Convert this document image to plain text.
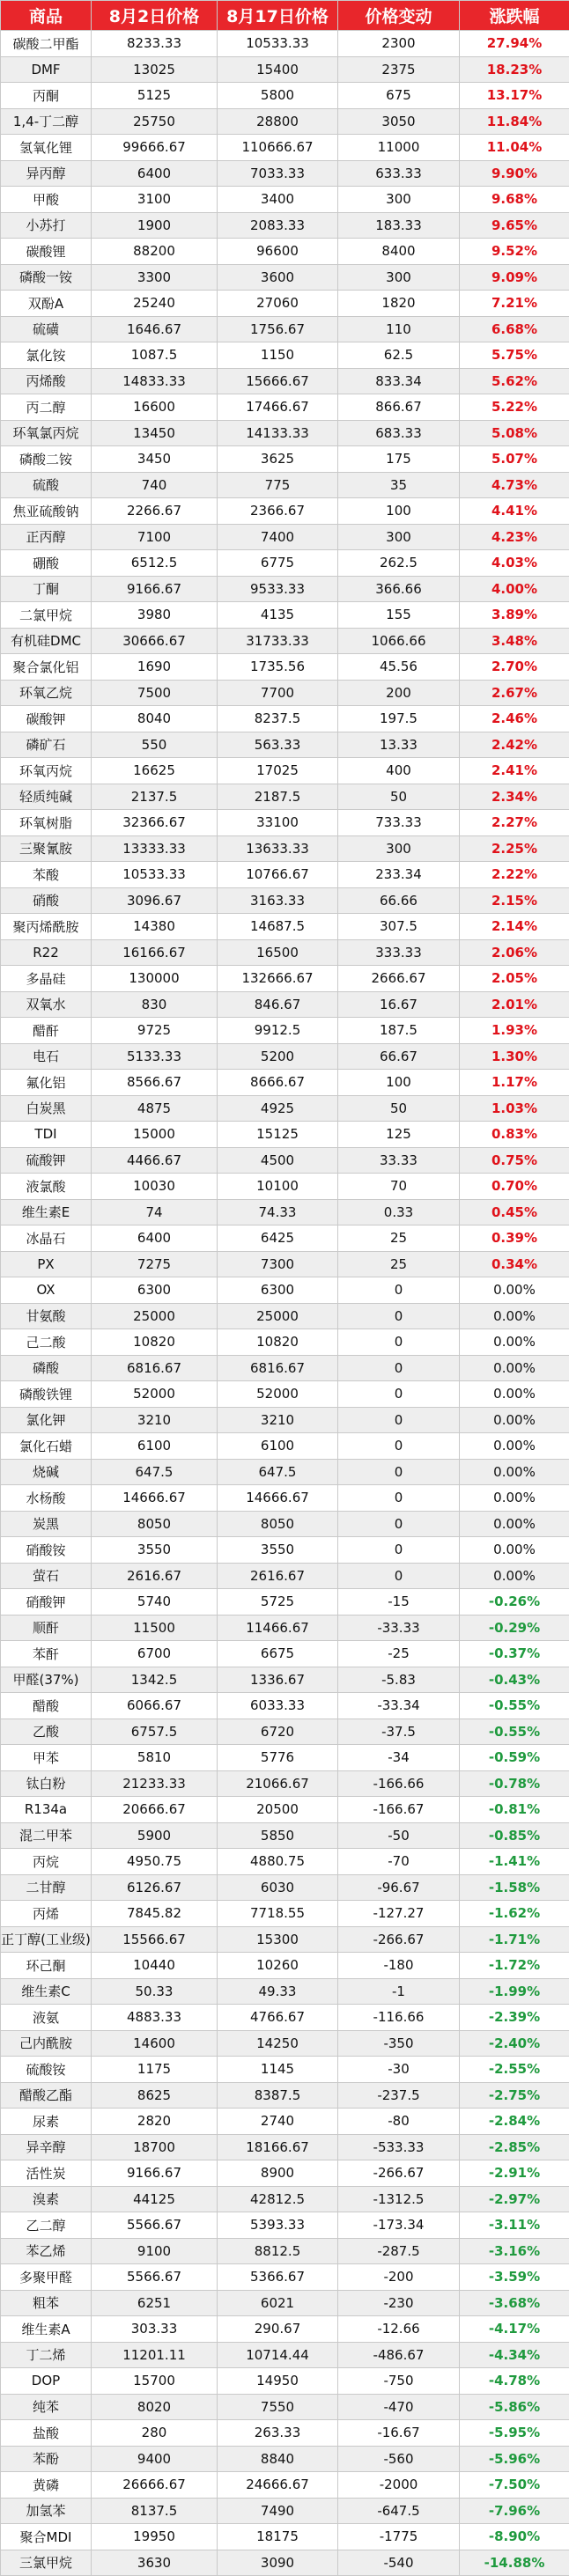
商品	8月2日价格	8月17日价格	价格变动	涨跌幅
碳酸二甲酯	8233.33	10533.33	2300	27.94%
DMF	13025	15400	2375	18.23%
丙酮	5125	5800	675	13.17%
1,4-丁二醇	25750	28800	3050	11.84%
氢氧化锂	99666.67	110666.67	11000	11.04%
异丙醇	6400	7033.33	633.33	9.90%
甲酸	3100	3400	300	9.68%
小苏打	1900	2083.33	183.33	9.65%
碳酸锂	88200	96600	8400	9.52%
磷酸一铵	3300	3600	300	9.09%
双酚A	25240	27060	1820	7.21%
硫磺	1646.67	1756.67	110	6.68%
氯化铵	1087.5	1150	62.5	5.75%
丙烯酸	14833.33	15666.67	833.34	5.62%
丙二醇	16600	17466.67	866.67	5.22%
环氧氯丙烷	13450	14133.33	683.33	5.08%
磷酸二铵	3450	3625	175	5.07%
硫酸	740	775	35	4.73%
焦亚硫酸钠	2266.67	2366.67	100	4.41%
正丙醇	7100	7400	300	4.23%
硼酸	6512.5	6775	262.5	4.03%
丁酮	9166.67	9533.33	366.66	4.00%
二氯甲烷	3980	4135	155	3.89%
有机硅DMC	30666.67	31733.33	1066.66	3.48%
聚合氯化铝	1690	1735.56	45.56	2.70%
环氧乙烷	7500	7700	200	2.67%
碳酸钾	8040	8237.5	197.5	2.46%
磷矿石	550	563.33	13.33	2.42%
环氧丙烷	16625	17025	400	2.41%
轻质纯碱	2137.5	2187.5	50	2.34%
环氧树脂	32366.67	33100	733.33	2.27%
三聚氰胺	13333.33	13633.33	300	2.25%
苯酸	10533.33	10766.67	233.34	2.22%
硝酸	3096.67	3163.33	66.66	2.15%
聚丙烯酰胺	14380	14687.5	307.5	2.14%
R22	16166.67	16500	333.33	2.06%
多晶硅	130000	132666.67	2666.67	2.05%
双氧水	830	846.67	16.67	2.01%
醋酐	9725	9912.5	187.5	1.93%
电石	5133.33	5200	66.67	1.30%
氟化铝	8566.67	8666.67	100	1.17%
白炭黑	4875	4925	50	1.03%
TDI	15000	15125	125	0.83%
硫酸钾	4466.67	4500	33.33	0.75%
液氯酸	10030	10100	70	0.70%
维生素E	74	74.33	0.33	0.45%
冰晶石	6400	6425	25	0.39%
PX	7275	7300	25	0.34%
OX	6300	6300	0	0.00%
甘氨酸	25000	25000	0	0.00%
己二酸	10820	10820	0	0.00%
磷酸	6816.67	6816.67	0	0.00%
磷酸铁锂	52000	52000	0	0.00%
氯化钾	3210	3210	0	0.00%
氯化石蜡	6100	6100	0	0.00%
烧碱	647.5	647.5	0	0.00%
水杨酸	14666.67	14666.67	0	0.00%
炭黑	8050	8050	0	0.00%
硝酸铵	3550	3550	0	0.00%
萤石	2616.67	2616.67	0	0.00%
硝酸钾	5740	5725	-15	-0.26%
顺酐	11500	11466.67	-33.33	-0.29%
苯酐	6700	6675	-25	-0.37%
甲醛(37%)	1342.5	1336.67	-5.83	-0.43%
醋酸	6066.67	6033.33	-33.34	-0.55%
乙酸	6757.5	6720	-37.5	-0.55%
甲苯	5810	5776	-34	-0.59%
钛白粉	21233.33	21066.67	-166.66	-0.78%
R134a	20666.67	20500	-166.67	-0.81%
混二甲苯	5900	5850	-50	-0.85%
丙烷	4950.75	4880.75	-70	-1.41%
二甘醇	6126.67	6030	-96.67	-1.58%
丙烯	7845.82	7718.55	-127.27	-1.62%
正丁醇(工业级)	15566.67	15300	-266.67	-1.71%
环己酮	10440	10260	-180	-1.72%
维生素C	50.33	49.33	-1	-1.99%
液氨	4883.33	4766.67	-116.66	-2.39%
己内酰胺	14600	14250	-350	-2.40%
硫酸铵	1175	1145	-30	-2.55%
醋酸乙酯	8625	8387.5	-237.5	-2.75%
尿素	2820	2740	-80	-2.84%
异辛醇	18700	18166.67	-533.33	-2.85%
活性炭	9166.67	8900	-266.67	-2.91%
溴素	44125	42812.5	-1312.5	-2.97%
乙二醇	5566.67	5393.33	-173.34	-3.11%
苯乙烯	9100	8812.5	-287.5	-3.16%
多聚甲醛	5566.67	5366.67	-200	-3.59%
粗苯	6251	6021	-230	-3.68%
维生素A	303.33	290.67	-12.66	-4.17%
丁二烯	11201.11	10714.44	-486.67	-4.34%
DOP	15700	14950	-750	-4.78%
纯苯	8020	7550	-470	-5.86%
盐酸	280	263.33	-16.67	-5.95%
苯酚	9400	8840	-560	-5.96%
黄磷	26666.67	24666.67	-2000	-7.50%
加氢苯	8137.5	7490	-647.5	-7.96%
聚合MDI	19950	18175	-1775	-8.90%
三氯甲烷	3630	3090	-540	-14.88%
